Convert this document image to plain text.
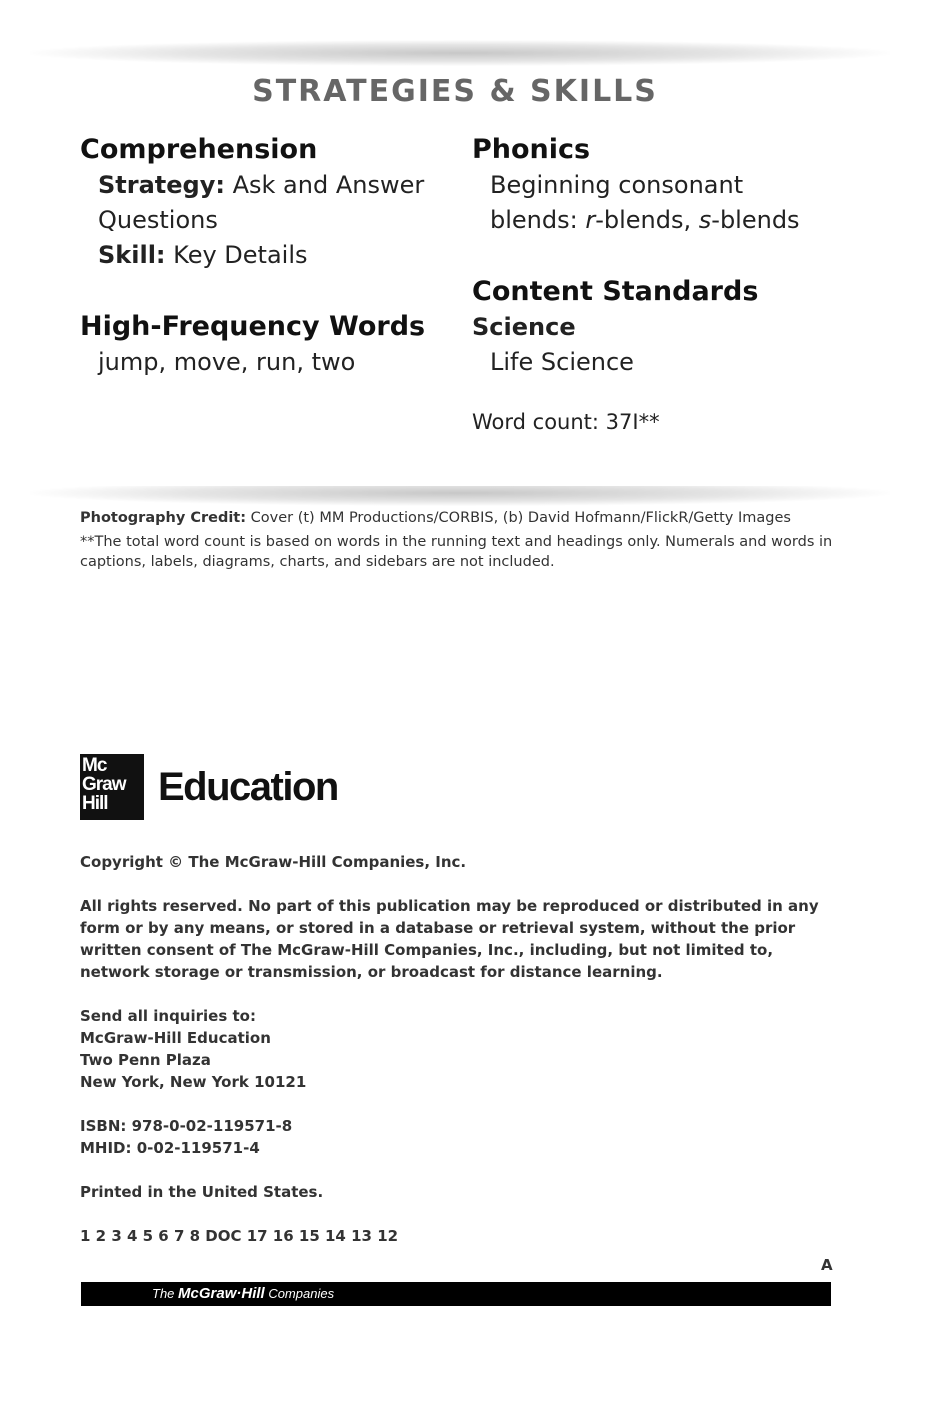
STRATEGIES & SKILLS
Comprehension
Strategy: Ask and Answer
Questions
Skill: Key Details
High-Frequency Words
jump, move, run, two
Phonics
Beginning consonant
blends: r-blends, s-blends
Content Standards
Science
Life Science
Word count: 37I**
Photography Credit: Cover (t) MM Productions/CORBIS, (b) David Hofmann/FlickR/Getty Images
**The total word count is based on words in the running text and headings only. Numerals and words in captions, labels, diagrams, charts, and sidebars are not included.
Mc
Graw
Hill	Education
Copyright © The McGraw-Hill Companies, Inc.
All rights reserved. No part of this publication may be reproduced or distributed in any form or by any means, or stored in a database or retrieval system, without the prior written consent of The McGraw-Hill Companies, Inc., including, but not limited to, network storage or transmission, or broadcast for distance learning.
Send all inquiries to:
McGraw-Hill Education
Two Penn Plaza
New York, New York 10121
ISBN: 978-0-02-119571-8
MHID: 0-02-119571-4
Printed in the United States.
1 2 3 4 5 6 7 8 DOC 17 16 15 14 13 12
A
The McGraw·Hill Companies
